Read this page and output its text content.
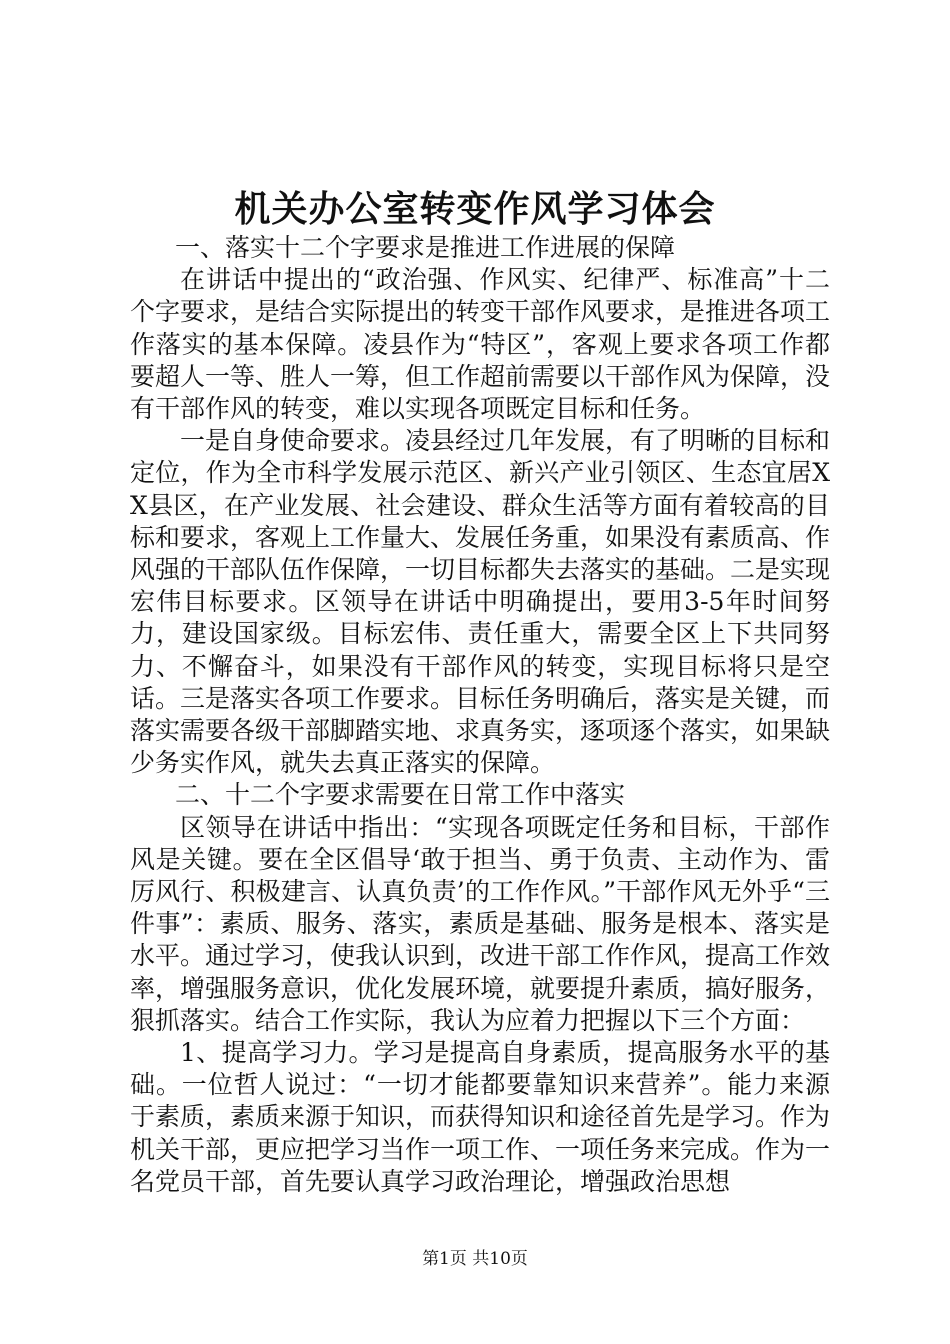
机关办公室转变作风学习体会

一、落实十二个字要求是推进工作进展的保障

在讲话中提出的“政治强、作风实、纪律严、标准高”十二个字要求，是结合实际提出的转变干部作风要求，是推进各项工作落实的基本保障。凌县作为“特区”，客观上要求各项工作都要超人一等、胜人一筹，但工作超前需要以干部作风为保障，没有干部作风的转变，难以实现各项既定目标和任务。

一是自身使命要求。凌县经过几年发展，有了明晰的目标和定位，作为全市科学发展示范区、新兴产业引领区、生态宜居XX县区，在产业发展、社会建设、群众生活等方面有着较高的目标和要求，客观上工作量大、发展任务重，如果没有素质高、作风强的干部队伍作保障，一切目标都失去落实的基础。二是实现宏伟目标要求。区领导在讲话中明确提出，要用3-5年时间努力，建设国家级。目标宏伟、责任重大，需要全区上下共同努力、不懈奋斗，如果没有干部作风的转变，实现目标将只是空话。三是落实各项工作要求。目标任务明确后，落实是关键，而落实需要各级干部脚踏实地、求真务实，逐项逐个落实，如果缺少务实作风，就失去真正落实的保障。

二、十二个字要求需要在日常工作中落实

区领导在讲话中指出：“实现各项既定任务和目标，干部作风是关键。要在全区倡导‘敢于担当、勇于负责、主动作为、雷厉风行、积极建言、认真负责’的工作作风。”干部作风无外乎“三件事”：素质、服务、落实，素质是基础、服务是根本、落实是水平。通过学习，使我认识到，改进干部工作作风，提高工作效率，增强服务意识，优化发展环境，就要提升素质，搞好服务，狠抓落实。结合工作实际，我认为应着力把握以下三个方面：

1、提高学习力。学习是提高自身素质，提高服务水平的基础。一位哲人说过：“一切才能都要靠知识来营养”。能力来源于素质，素质来源于知识，而获得知识和途径首先是学习。作为机关干部，更应把学习当作一项工作、一项任务来完成。作为一名党员干部，首先要认真学习政治理论，增强政治思想

第1页 共10页
